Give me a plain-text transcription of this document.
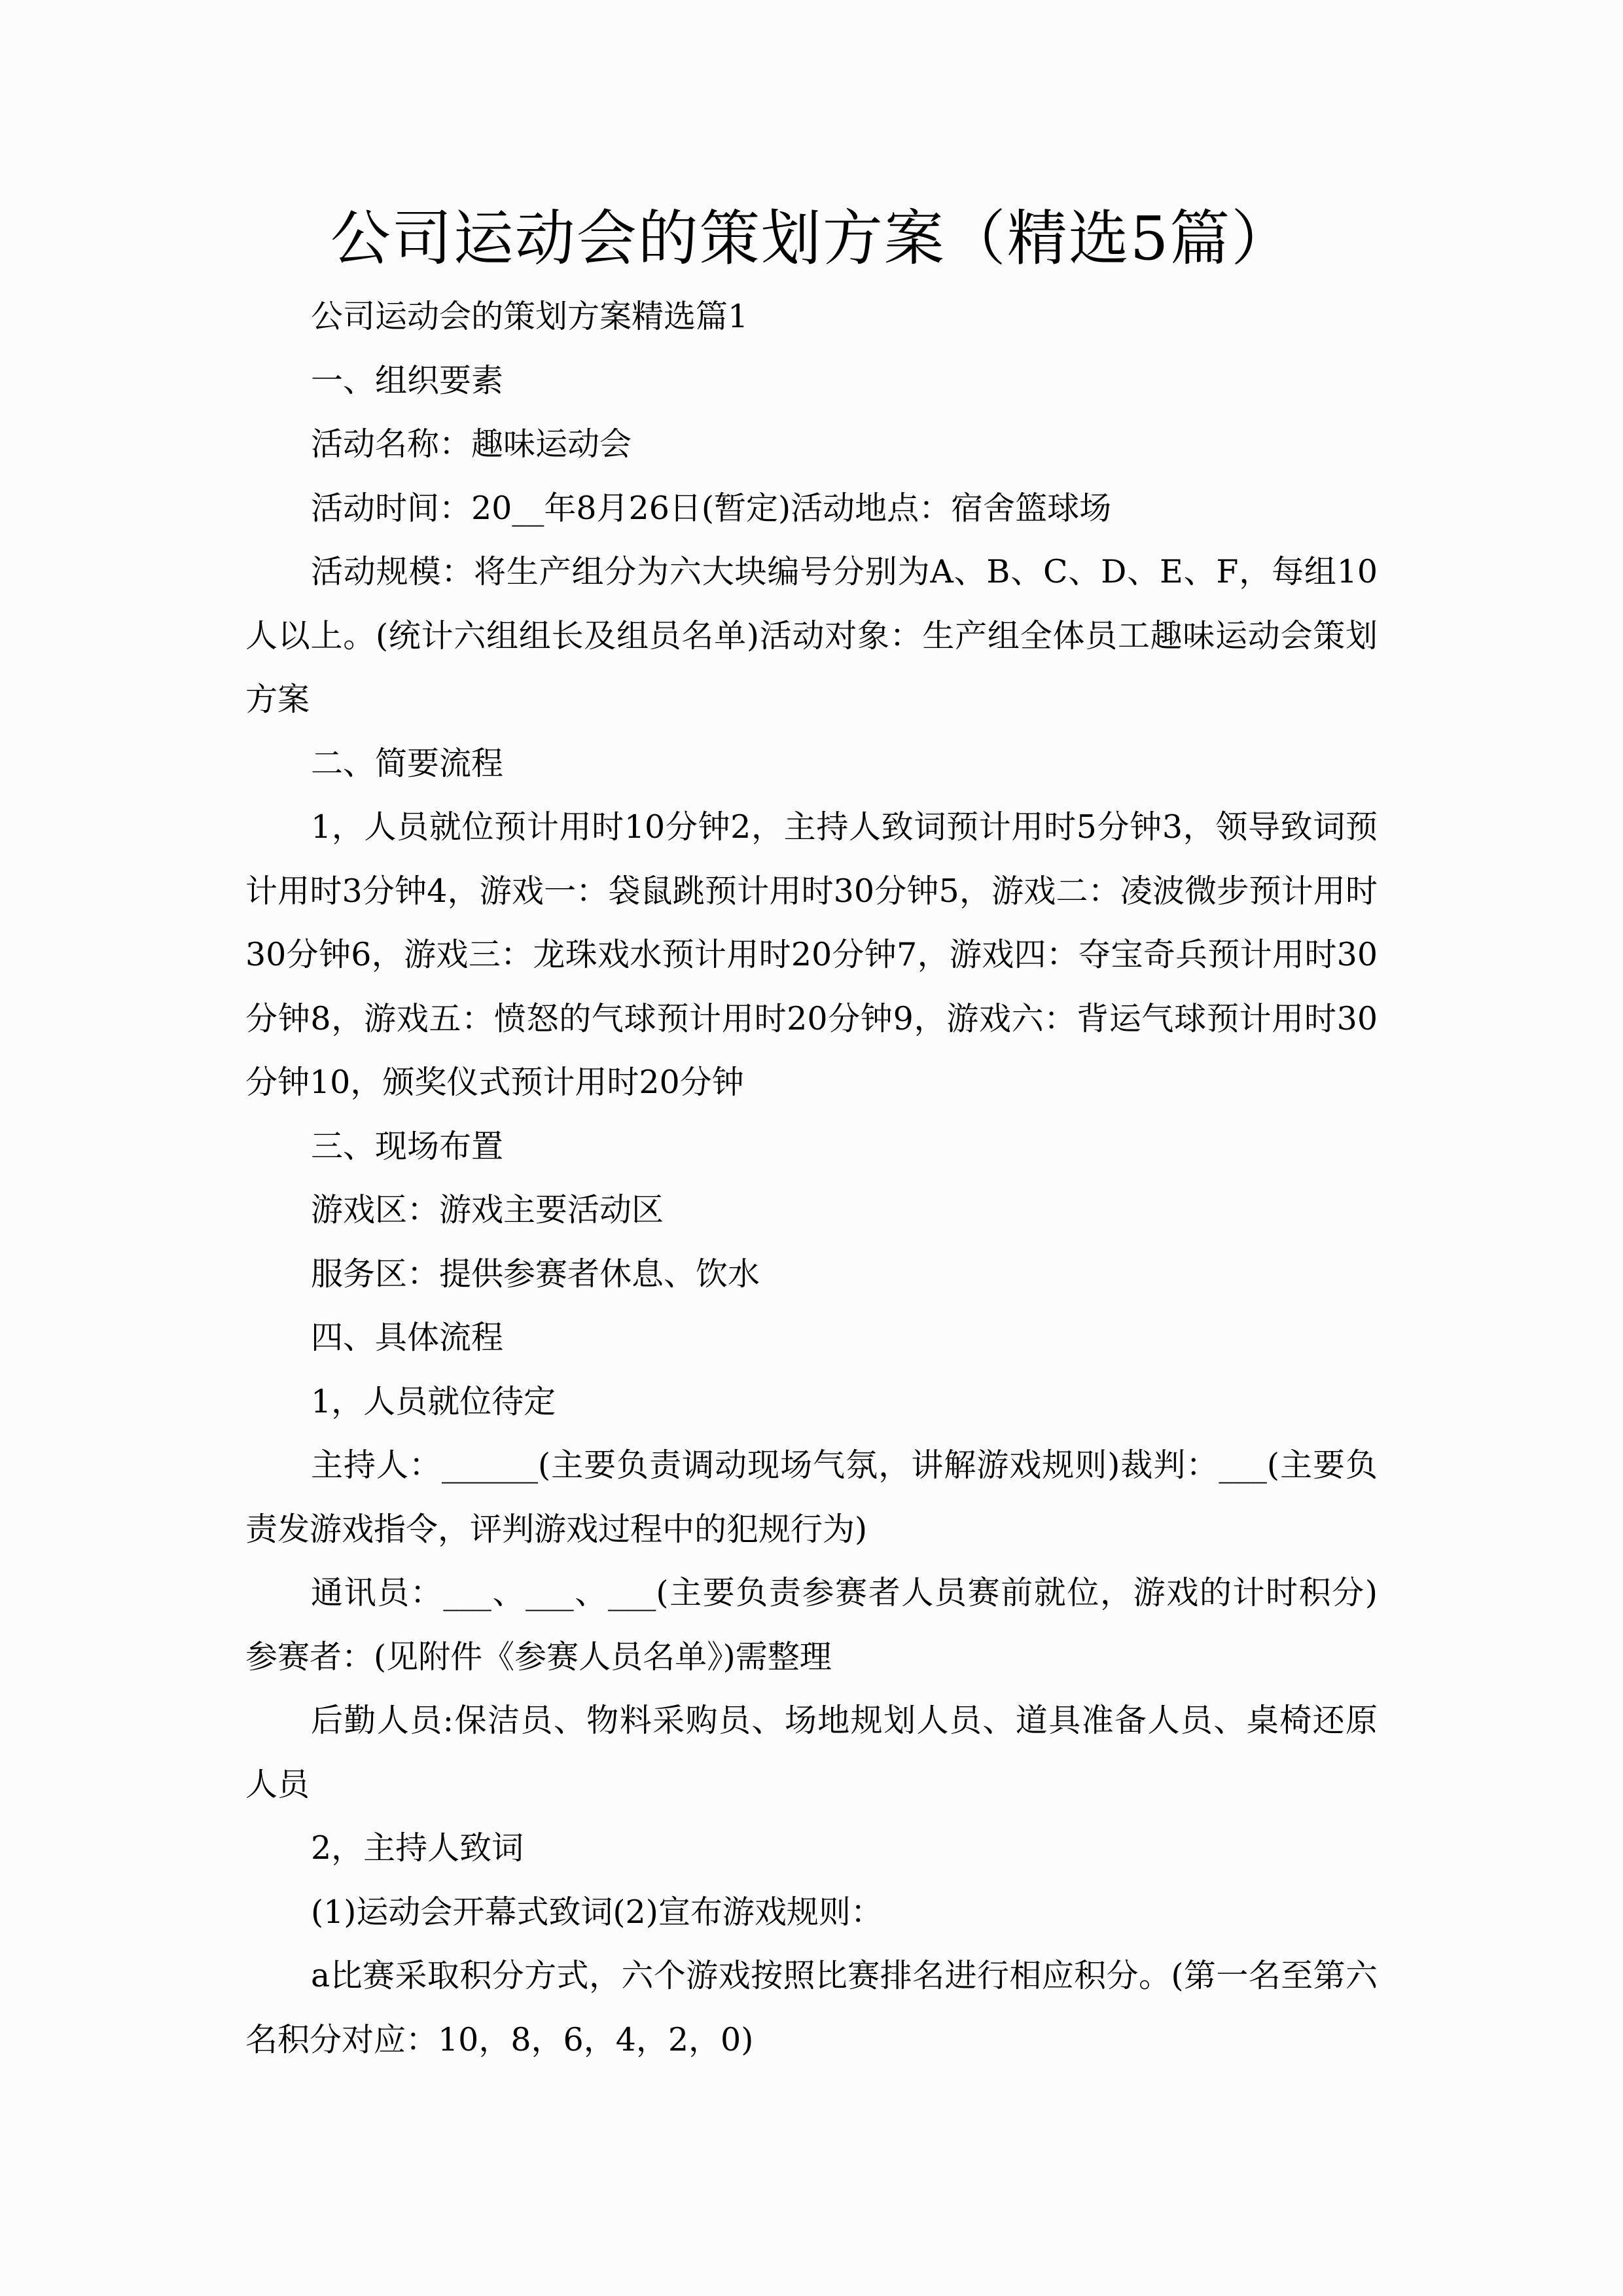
公司运动会的策划方案（精选5篇）

公司运动会的策划方案精选篇1

一、组织要素

活动名称：趣味运动会

活动时间：20__年8月26日(暂定)活动地点：宿舍篮球场

活动规模：将生产组分为六大块编号分别为A、B、C、D、E、F，每组10人以上。(统计六组组长及组员名单)活动对象：生产组全体员工趣味运动会策划方案

二、简要流程

1，人员就位预计用时10分钟2，主持人致词预计用时5分钟3，领导致词预计用时3分钟4，游戏一：袋鼠跳预计用时30分钟5，游戏二：凌波微步预计用时30分钟6，游戏三：龙珠戏水预计用时20分钟7，游戏四：夺宝奇兵预计用时30分钟8，游戏五：愤怒的气球预计用时20分钟9，游戏六：背运气球预计用时30分钟10，颁奖仪式预计用时20分钟

三、现场布置

游戏区：游戏主要活动区

服务区：提供参赛者休息、饮水

四、具体流程

1，人员就位待定

主持人：______(主要负责调动现场气氛，讲解游戏规则)裁判：___(主要负责发游戏指令，评判游戏过程中的犯规行为)

通讯员：___、___、___(主要负责参赛者人员赛前就位，游戏的计时积分)参赛者：(见附件《参赛人员名单》)需整理

后勤人员:保洁员、物料采购员、场地规划人员、道具准备人员、桌椅还原人员

2，主持人致词

(1)运动会开幕式致词(2)宣布游戏规则：

a比赛采取积分方式，六个游戏按照比赛排名进行相应积分。(第一名至第六名积分对应：10，8，6，4，2，0)
